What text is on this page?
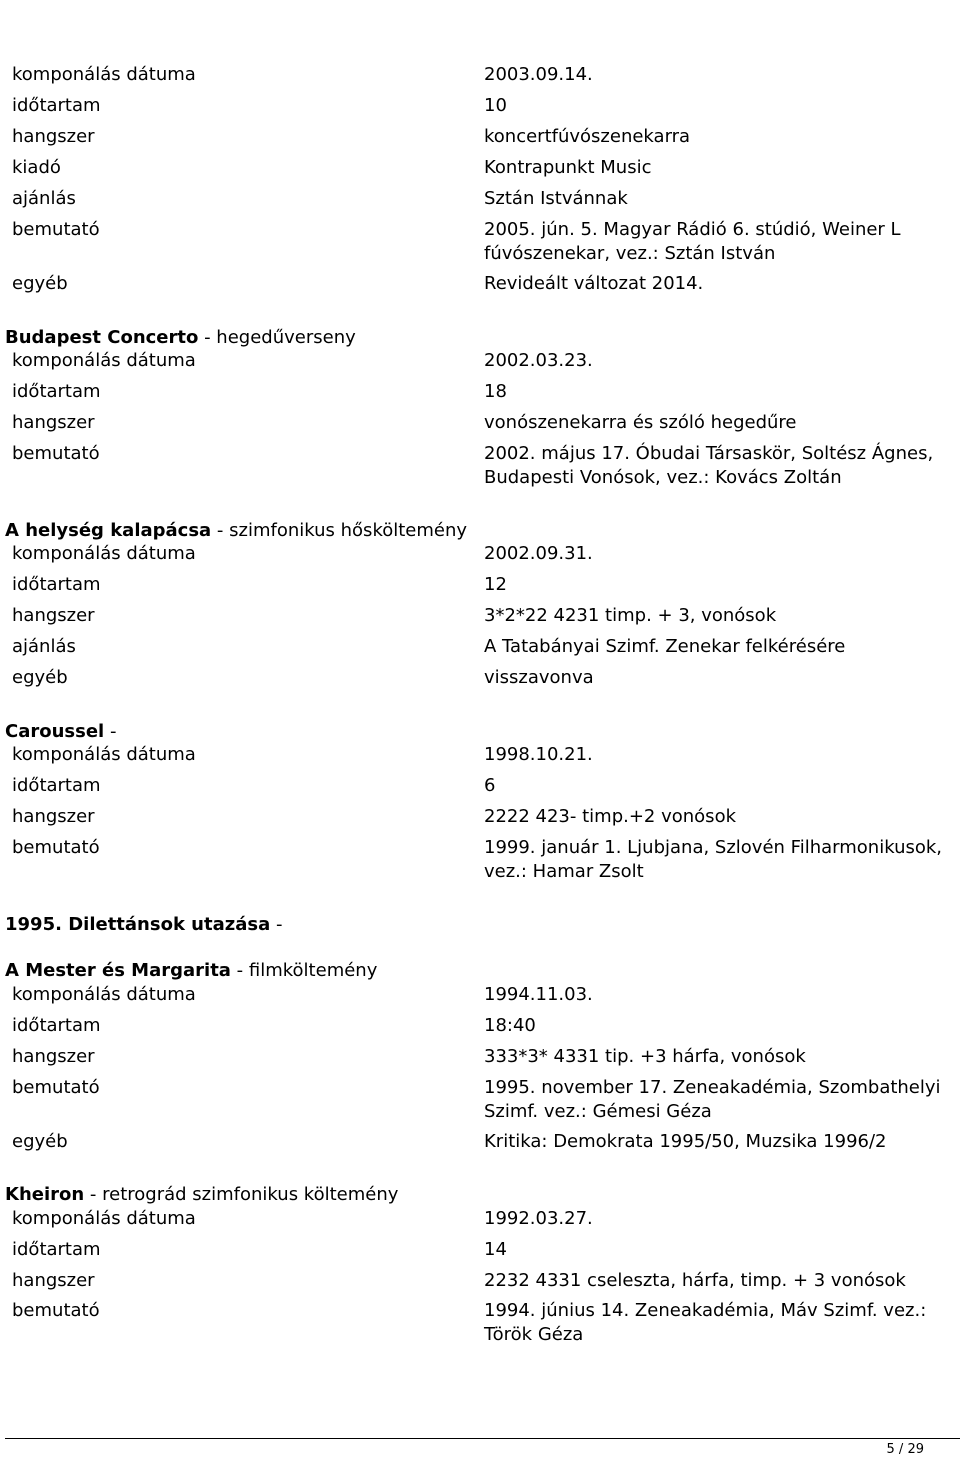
komponálás dátuma	2003.09.14.
időtartam	10
hangszer	koncertfúvószenekarra
kiadó	Kontrapunkt Music
ajánlás	Sztán Istvánnak
bemutató	2005. jún. 5. Magyar Rádió 6. stúdió, Weiner L fúvószenekar, vez.: Sztán István
egyéb	Revideált változat 2014.
Budapest Concerto - hegedűverseny
komponálás dátuma	2002.03.23.
időtartam	18
hangszer	vonószenekarra és szóló hegedűre
bemutató	2002. május 17. Óbudai Társaskör, Soltész Ágnes, Budapesti Vonósok, vez.: Kovács Zoltán
A helység kalapácsa - szimfonikus hősköltemény
komponálás dátuma	2002.09.31.
időtartam	12
hangszer	3*2*22 4231 timp. + 3, vonósok
ajánlás	A Tatabányai Szimf. Zenekar felkérésére
egyéb	visszavonva
Caroussel -
komponálás dátuma	1998.10.21.
időtartam	6
hangszer	2222 423- timp.+2 vonósok
bemutató	1999. január 1. Ljubjana, Szlovén Filharmonikusok, vez.: Hamar Zsolt
1995. Dilettánsok utazása -
A Mester és Margarita - filmköltemény
komponálás dátuma	1994.11.03.
időtartam	18:40
hangszer	333*3* 4331 tip. +3 hárfa, vonósok
bemutató	1995. november 17. Zeneakadémia, Szombathelyi Szimf. vez.: Gémesi Géza
egyéb	Kritika: Demokrata 1995/50, Muzsika 1996/2
Kheiron - retrográd szimfonikus költemény
komponálás dátuma	1992.03.27.
időtartam	14
hangszer	2232 4331 cseleszta, hárfa, timp. + 3 vonósok
bemutató	1994. június 14. Zeneakadémia, Máv Szimf. vez.: Török Géza
5 / 29
